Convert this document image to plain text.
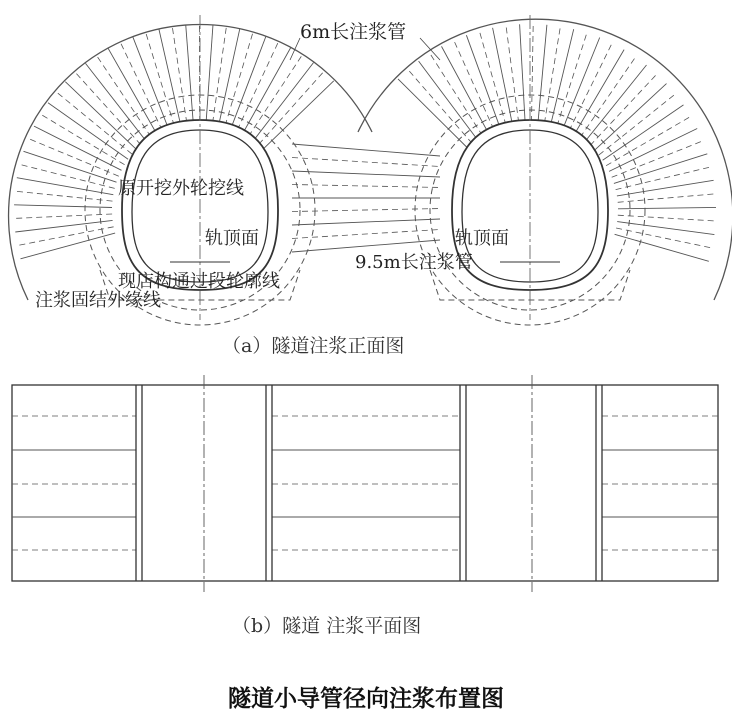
6m长注浆管
原开挖外轮挖线
轨顶面	轨顶面
9.5m长注浆管
现店构通过段轮廓线
注浆固结外缘线
（a）隧道注浆正面图
（b）隧道 注浆平面图
隧道小导管径向注浆布置图
